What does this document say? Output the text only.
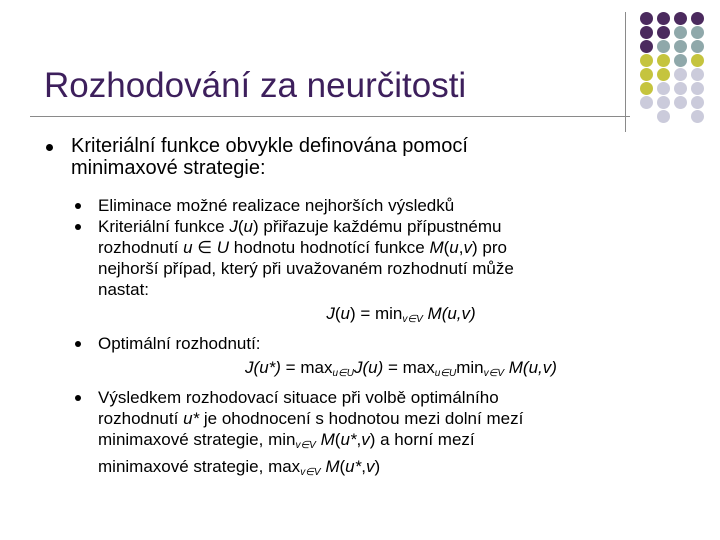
Rozhodování za neurčitosti
Kriteriální funkce obvykle definována pomocí
minimaxové strategie:
Eliminace možné realizace nejhorších výsledků
Kriteriální funkce J(u) přiřazuje každému přípustnému
rozhodnutí u ∈ U hodnotu hodnotící funkce M(u,v) pro
nejhorší případ, který při uvažovaném rozhodnutí může
nastat:
$J(u) = \min_{v\in V} M(u,v)$
Optimální rozhodnutí:
$J(u*) = \max_{u\in U}J(u) = \max_{u\in U}\min_{v\in V}$ M(u,v)
Výsledkem rozhodovací situace při volbě optimálního
rozhodnutí u* je ohodnocení s hodnotou mezi dolní mezí
minimaxové strategie, $\min_{v\in V} M(u*,v)$ a horní mezí
minimaxové strategie, $\max_{v\in V} M(u*,v)$
